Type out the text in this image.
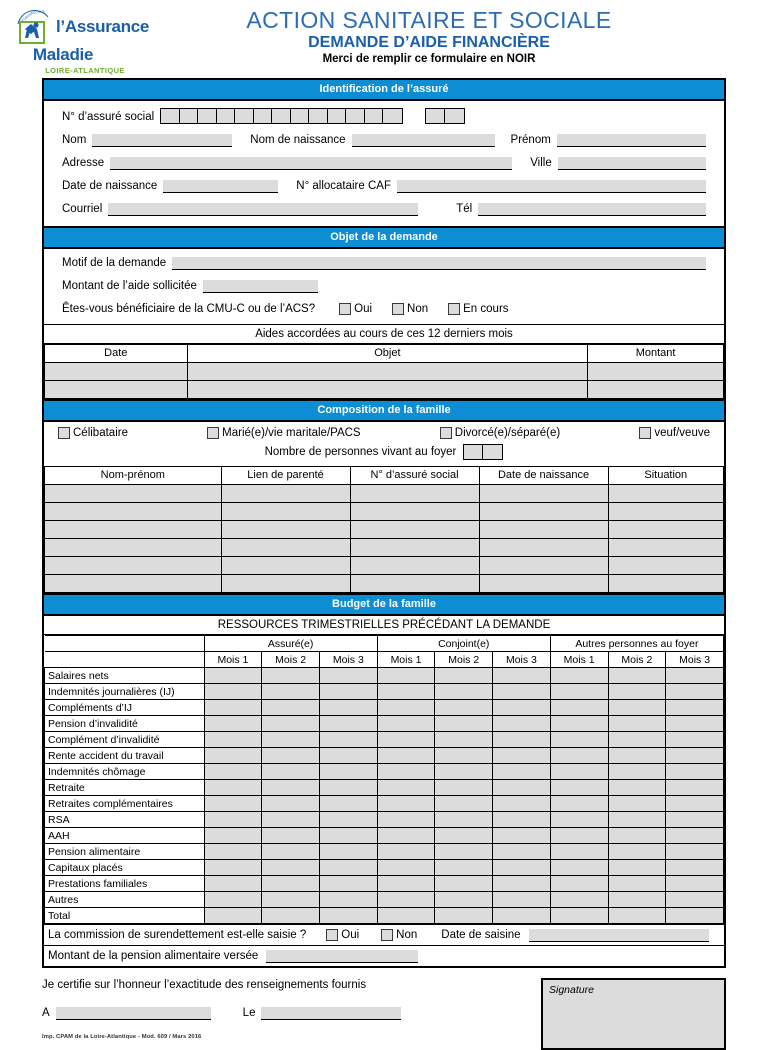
SECURITE
SOCIALE
l’Assurance
Maladie
LOIRE-ATLANTIQUE
ACTION SANITAIRE ET SOCIALE
DEMANDE D’AIDE FINANCIÈRE
Merci de remplir ce formulaire en NOIR
Identification de l’assuré
N° d’assuré social
Nom	Nom de naissance	Prénom
Adresse	Ville
Date de naissance	N° allocataire CAF
Courriel	Tél
Objet de la demande
Motif de la demande
Montant de l’aide sollicitée
Êtes-vous bénéficiaire de la CMU-C ou de l’ACS?	Oui	Non	En cours
Aides accordées au cours de ces 12 derniers mois
Date	Objet	Montant

Composition de la famille
Célibataire	Marié(e)/vie maritale/PACS	Divorcé(e)/séparé(e)	veuf/veuve
Nombre de personnes vivant au foyer
Nom-prénom	Lien de parenté	N° d’assuré social	Date de naissance	Situation

Budget de la famille
RESSOURCES TRIMESTRIELLES PRÉCÉDANT LA DEMANDE
	Assuré(e)			Conjoint(e)			Autres personnes au foyer		
	Mois 1	Mois 2	Mois 3	Mois 1	Mois 2	Mois 3	Mois 1	Mois 2	Mois 3
Salaires nets									
Indemnités journalières (IJ)									
Compléments d’IJ									
Pension d’invalidité									
Complément d’invalidité									
Rente accident du travail									
Indemnités chômage									
Retraite									
Retraites complémentaires									
RSA									
AAH									
Pension alimentaire									
Capitaux placés									
Prestations familiales									
Autres									
Total									
La commission de surendettement est-elle saisie ?	Oui	Non Date de saisine
Montant de la pension alimentaire versée
Je certifie sur l’honneur l’exactitude des renseignements fournis
A	Le
Imp. CPAM de la Loire-Atlantique - Mod. 609 / Mars 2016
Signature
